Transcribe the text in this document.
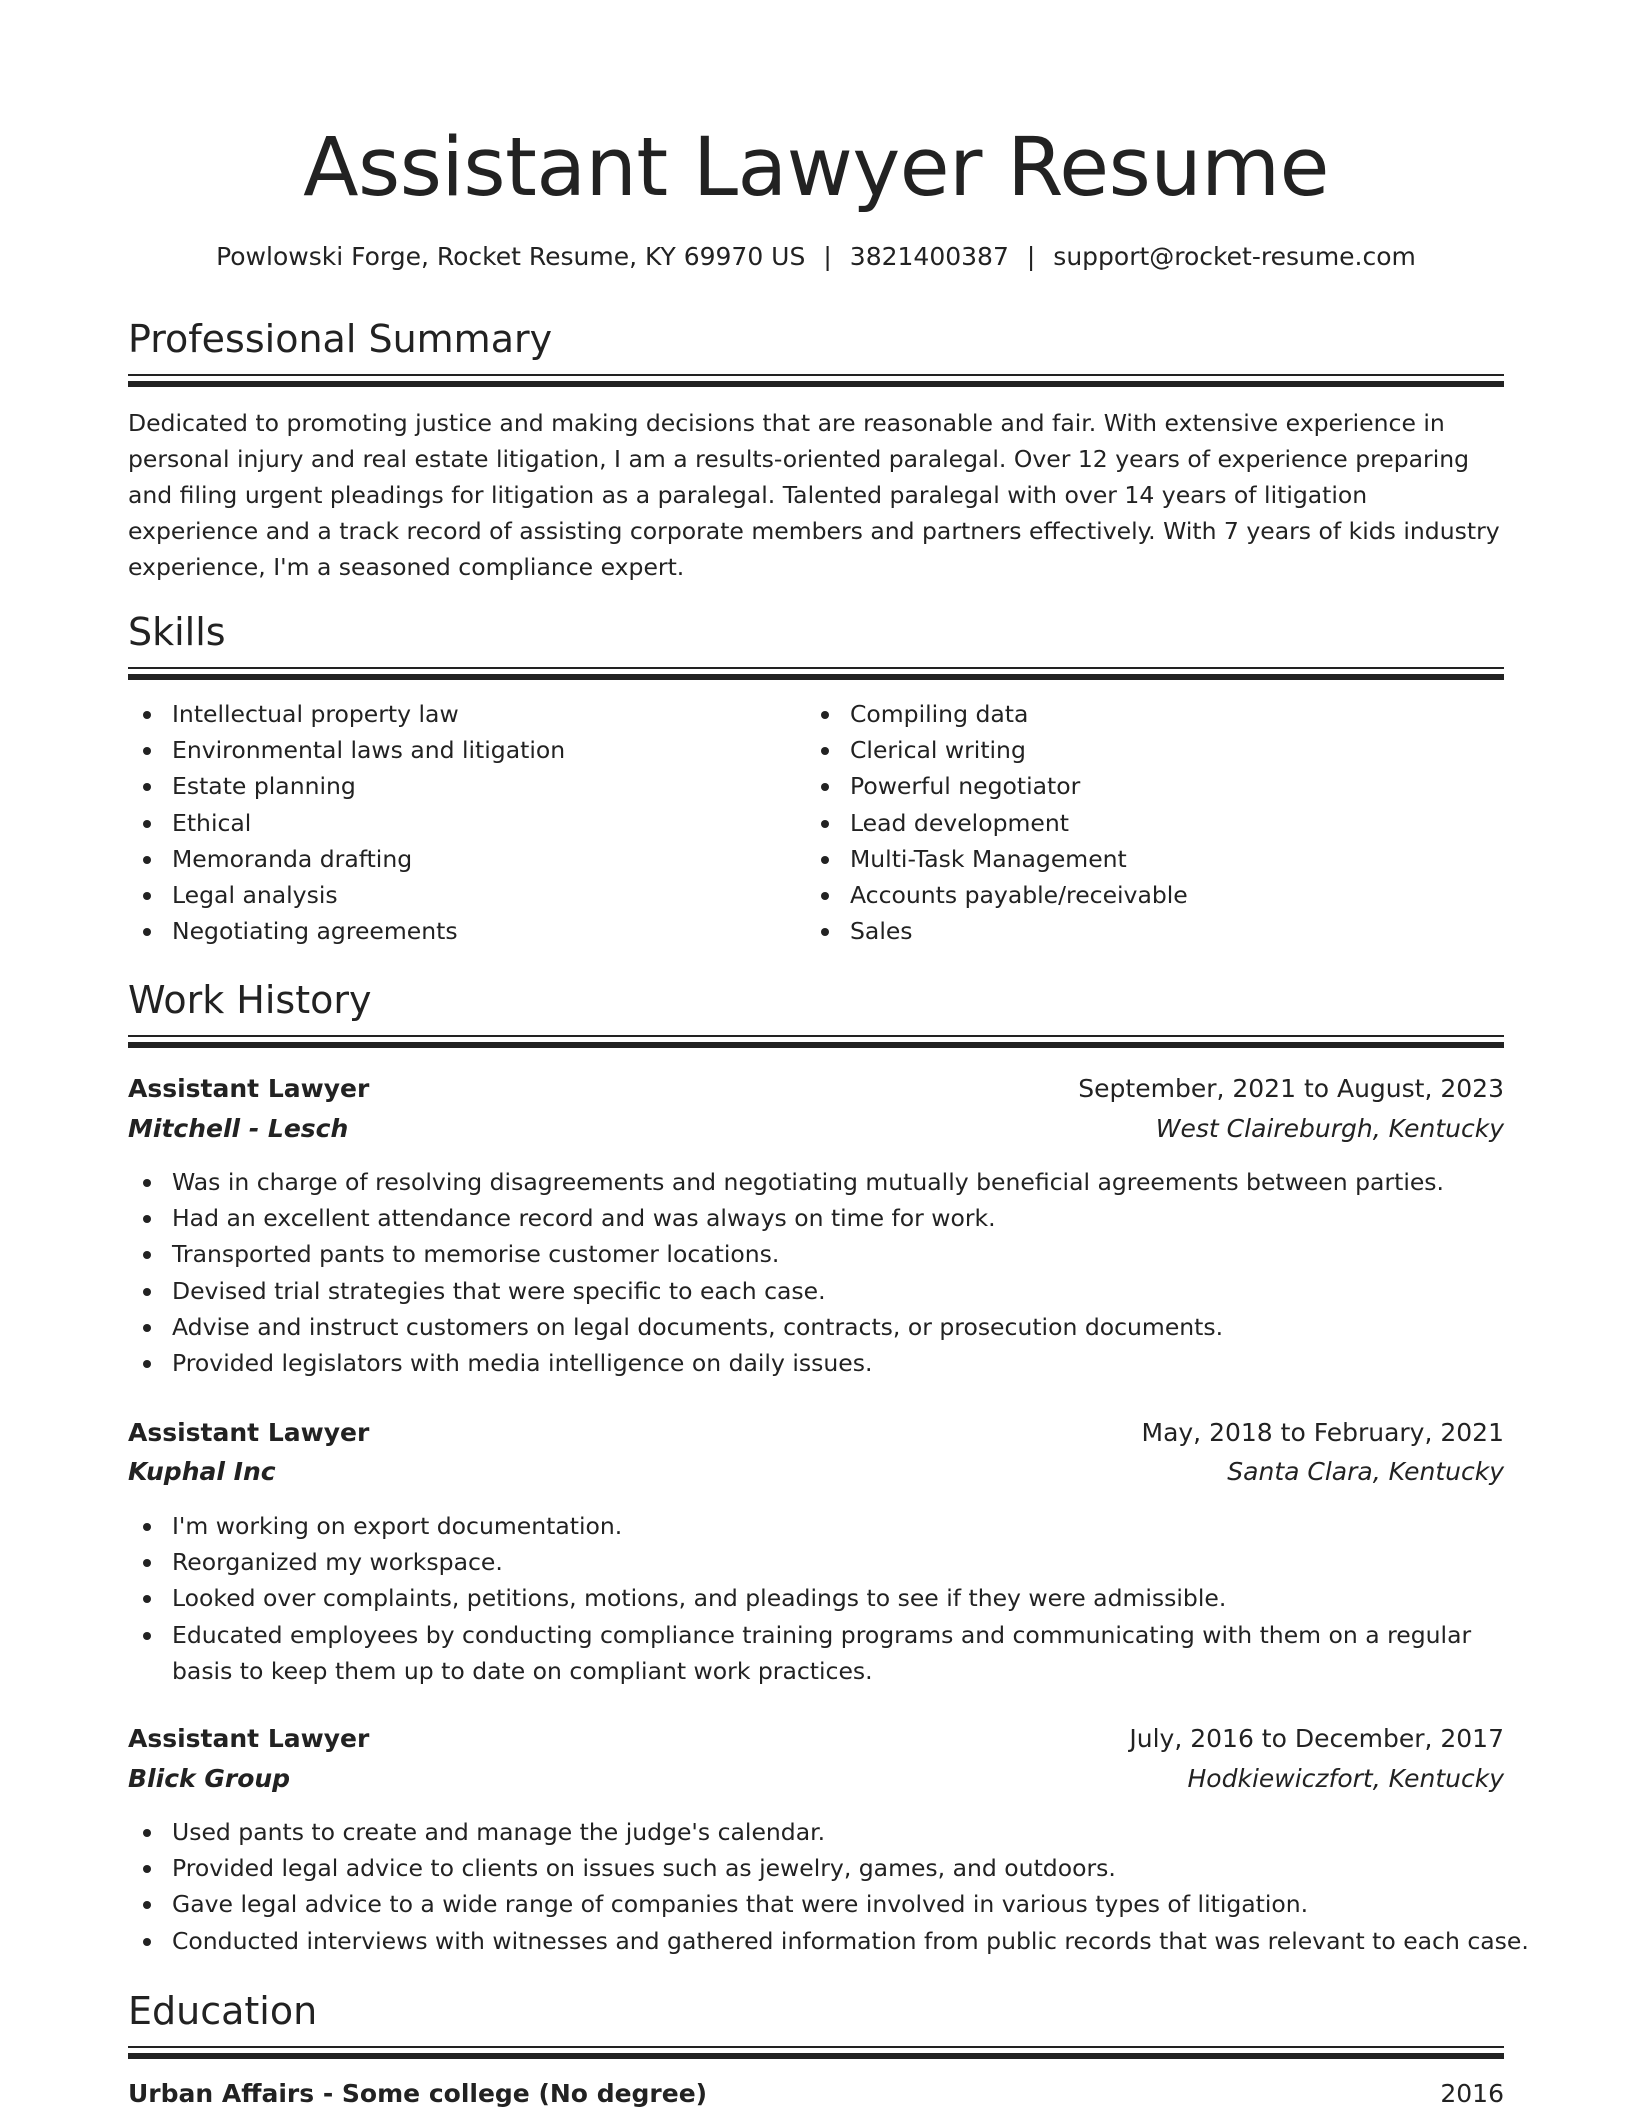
Assistant Lawyer Resume
Powlowski Forge, Rocket Resume, KY 69970 US | 3821400387 | support@rocket-resume.com
Professional Summary

Dedicated to promoting justice and making decisions that are reasonable and fair. With extensive experience in personal injury and real estate litigation, I am a results-oriented paralegal. Over 12 years of experience preparing and filing urgent pleadings for litigation as a paralegal. Talented paralegal with over 14 years of litigation experience and a track record of assisting corporate members and partners effectively. With 7 years of kids industry experience, I'm a seasoned compliance expert.

Skills
Intellectual property law
Environmental laws and litigation
Estate planning
Ethical
Memoranda drafting
Legal analysis
Negotiating agreements
Compiling data
Clerical writing
Powerful negotiator
Lead development
Multi-Task Management
Accounts payable/receivable
Sales
Work History
Assistant Lawyer	September, 2021 to August, 2023
Mitchell - Lesch	West Claireburgh, Kentucky
Was in charge of resolving disagreements and negotiating mutually beneficial agreements between parties.
Had an excellent attendance record and was always on time for work.
Transported pants to memorise customer locations.
Devised trial strategies that were specific to each case.
Advise and instruct customers on legal documents, contracts, or prosecution documents.
Provided legislators with media intelligence on daily issues.
Assistant Lawyer	May, 2018 to February, 2021
Kuphal Inc	Santa Clara, Kentucky
I'm working on export documentation.
Reorganized my workspace.
Looked over complaints, petitions, motions, and pleadings to see if they were admissible.
Educated employees by conducting compliance training programs and communicating with them on a regular basis to keep them up to date on compliant work practices.
Assistant Lawyer	July, 2016 to December, 2017
Blick Group	Hodkiewiczfort, Kentucky
Used pants to create and manage the judge's calendar.
Provided legal advice to clients on issues such as jewelry, games, and outdoors.
Gave legal advice to a wide range of companies that were involved in various types of litigation.
Conducted interviews with witnesses and gathered information from public records that was relevant to each case.
Education
Urban Affairs - Some college (No degree)	2016
